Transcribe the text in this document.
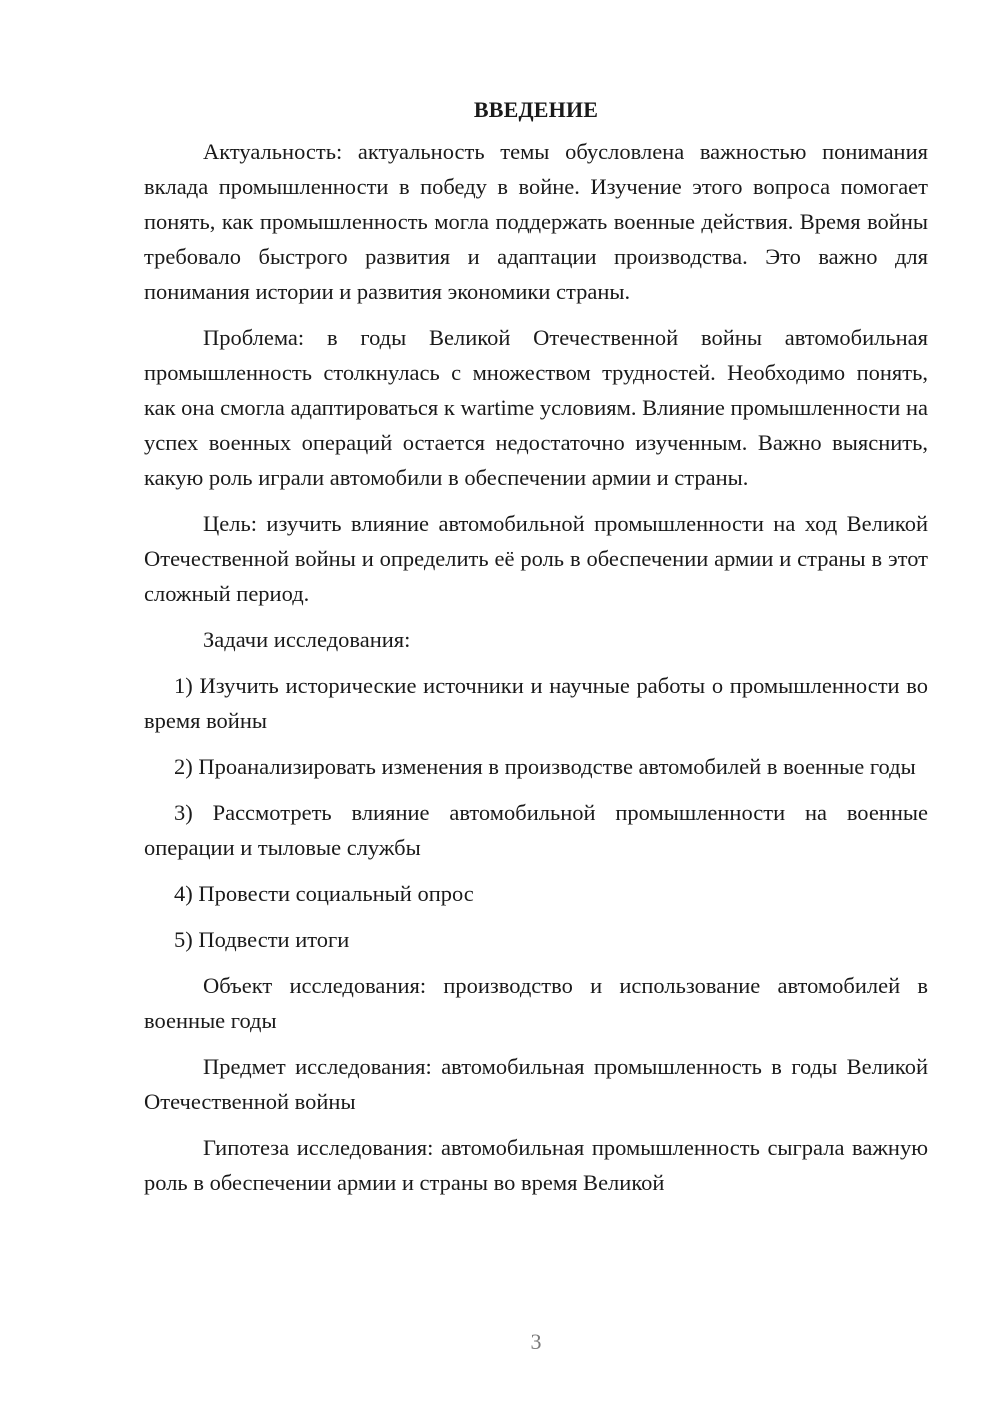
ВВЕДЕНИЕ

Актуальность: актуальность темы обусловлена важностью понимания вклада промышленности в победу в войне. Изучение этого вопроса помогает понять, как промышленность могла поддержать военные действия. Время войны требовало быстрого развития и адаптации производства. Это важно для понимания истории и развития экономики страны.

Проблема: в годы Великой Отечественной войны автомобильная промышленность столкнулась с множеством трудностей. Необходимо понять, как она смогла адаптироваться к wartime условиям. Влияние промышленности на успех военных операций остается недостаточно изученным. Важно выяснить, какую роль играли автомобили в обеспечении армии и страны.

Цель: изучить влияние автомобильной промышленности на ход Великой Отечественной войны и определить её роль в обеспечении армии и страны в этот сложный период.

Задачи исследования:

1) Изучить исторические источники и научные работы о промышленности во время войны

2) Проанализировать изменения в производстве автомобилей в военные годы

3) Рассмотреть влияние автомобильной промышленности на военные операции и тыловые службы

4) Провести социальный опрос

5) Подвести итоги

Объект исследования: производство и использование автомобилей в военные годы

Предмет исследования: автомобильная промышленность в годы Великой Отечественной войны

Гипотеза исследования: автомобильная промышленность сыграла важную роль в обеспечении армии и страны во время Великой

3
